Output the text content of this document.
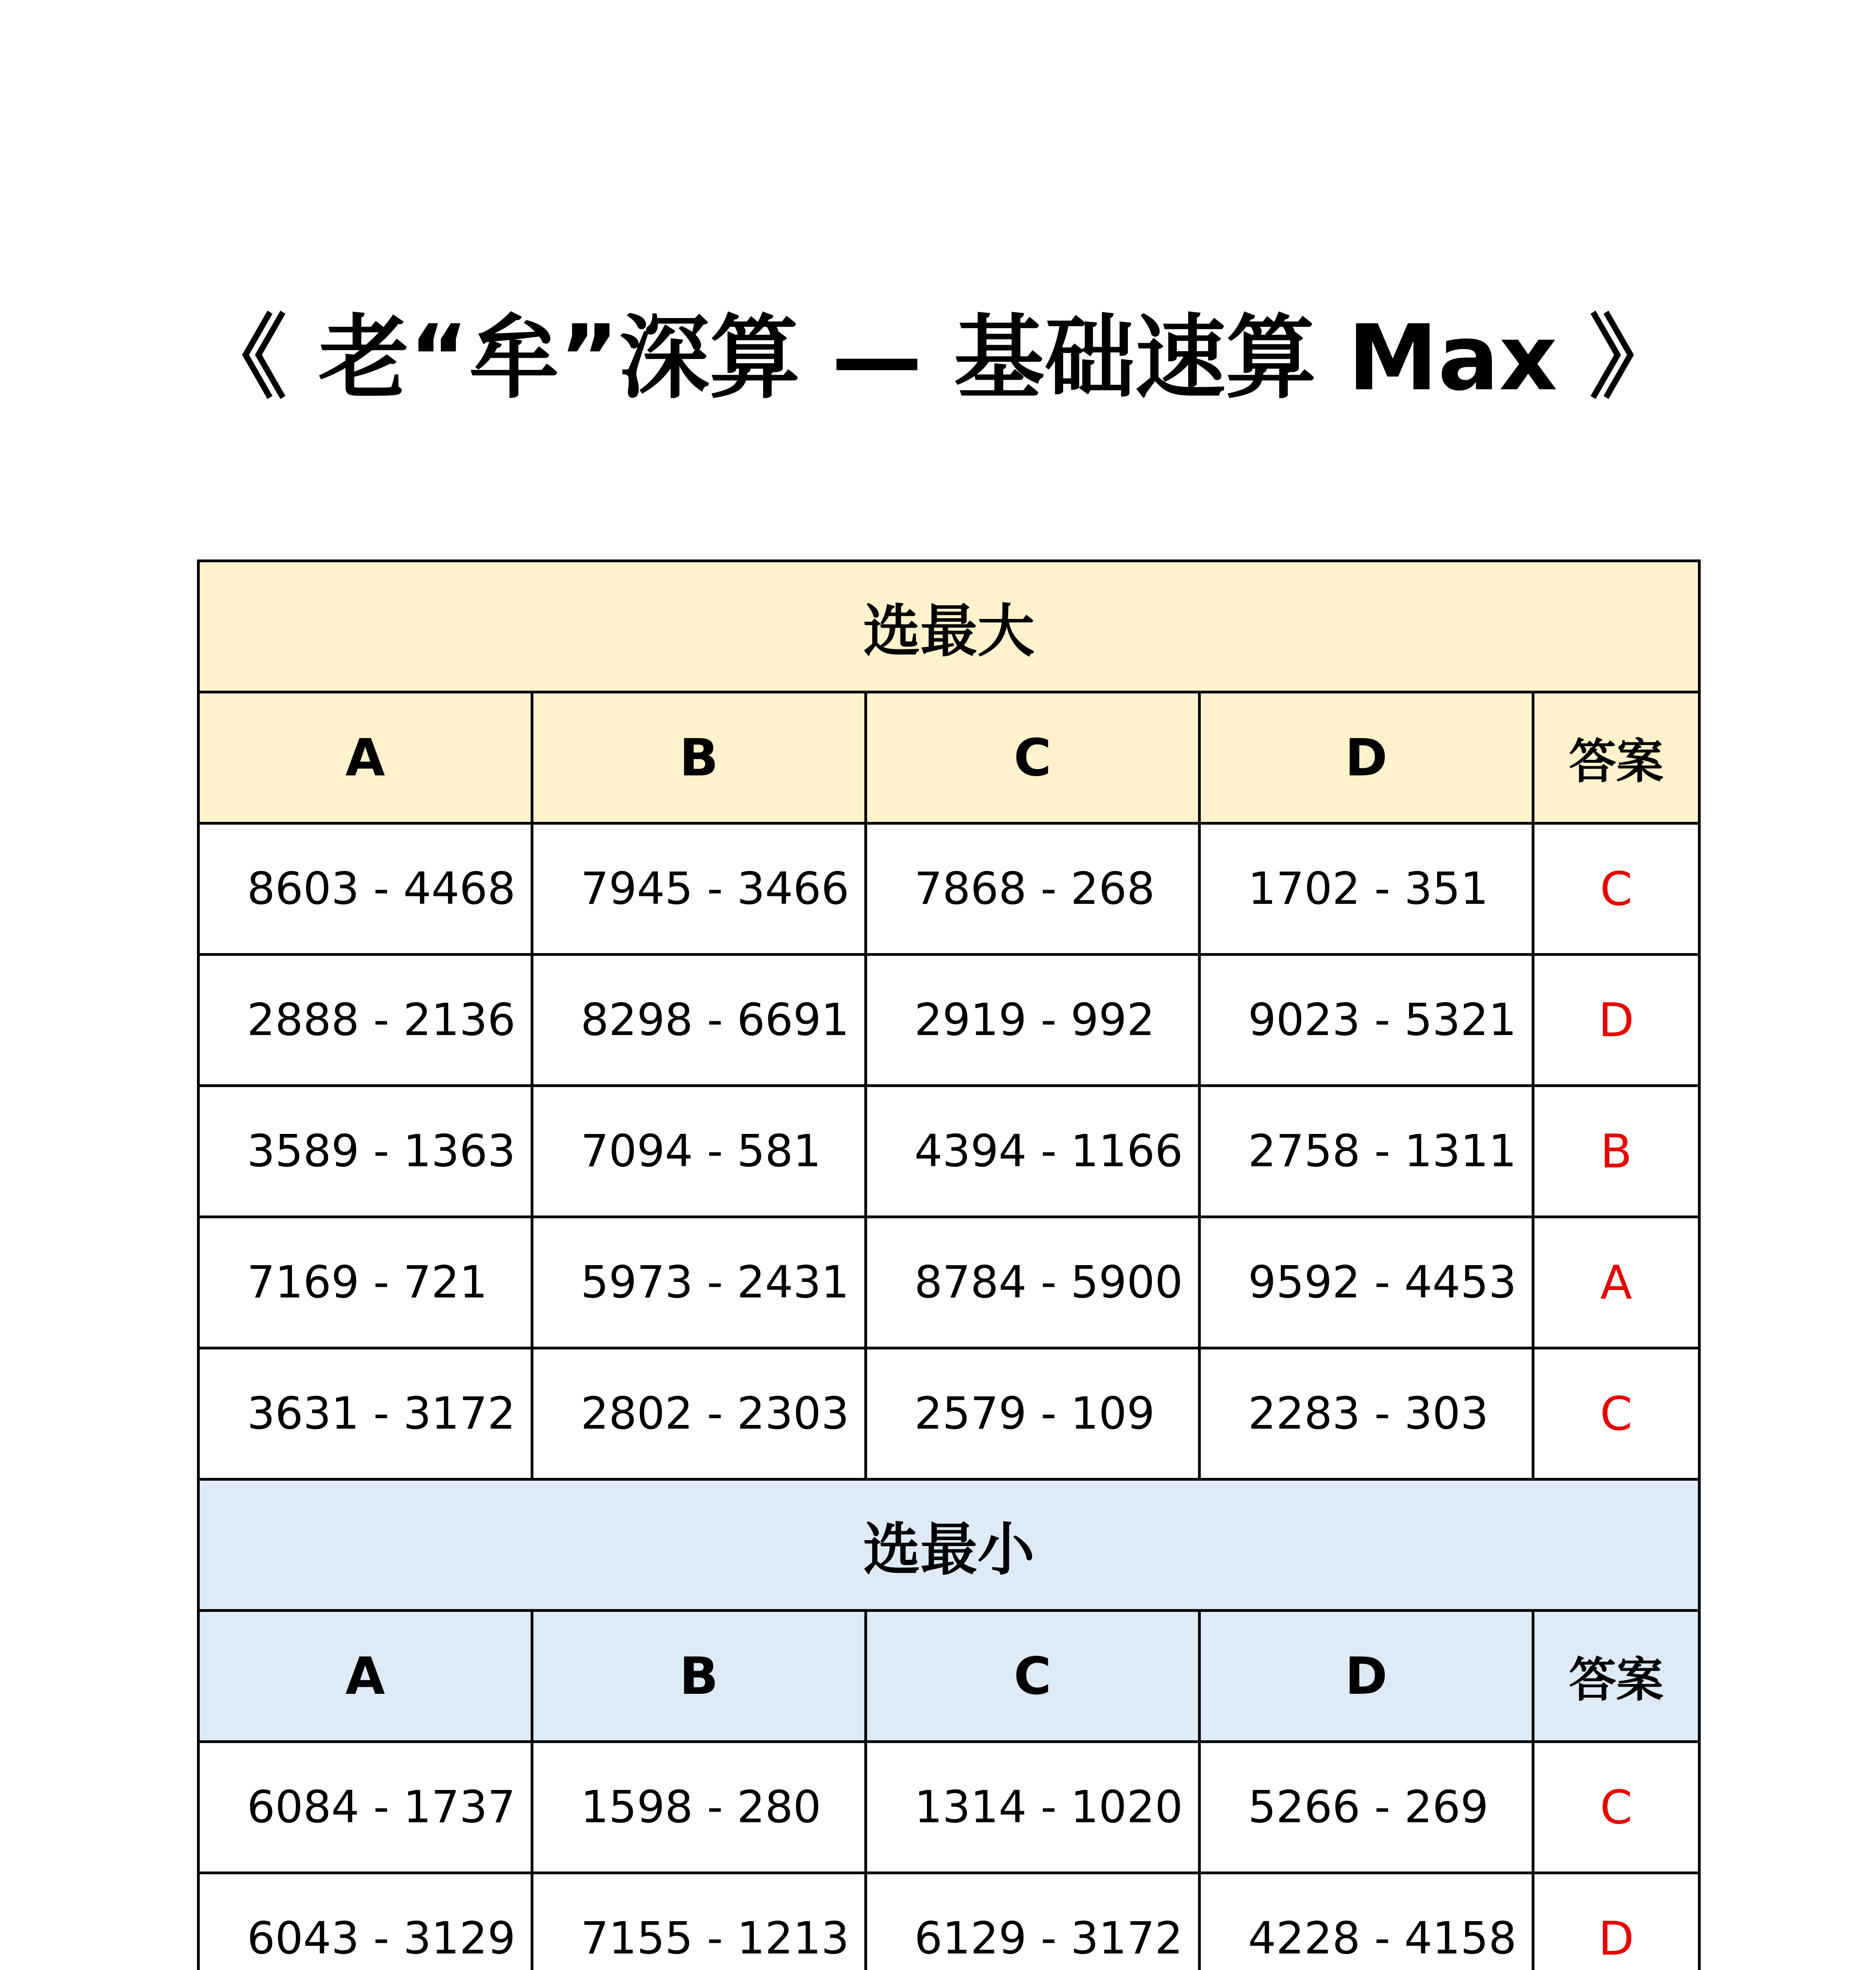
《 老“牟”深算 — 基础速算 Max 》
选最大				
A	B	C	D	答案
8603 - 4468	7945 - 3466	7868 - 268	1702 - 351	C
2888 - 2136	8298 - 6691	2919 - 992	9023 - 5321	D
3589 - 1363	7094 - 581	4394 - 1166	2758 - 1311	B
7169 - 721	5973 - 2431	8784 - 5900	9592 - 4453	A
3631 - 3172	2802 - 2303	2579 - 109	2283 - 303	C
选最小				
A	B	C	D	答案
6084 - 1737	1598 - 280	1314 - 1020	5266 - 269	C
6043 - 3129	7155 - 1213	6129 - 3172	4228 - 4158	D
